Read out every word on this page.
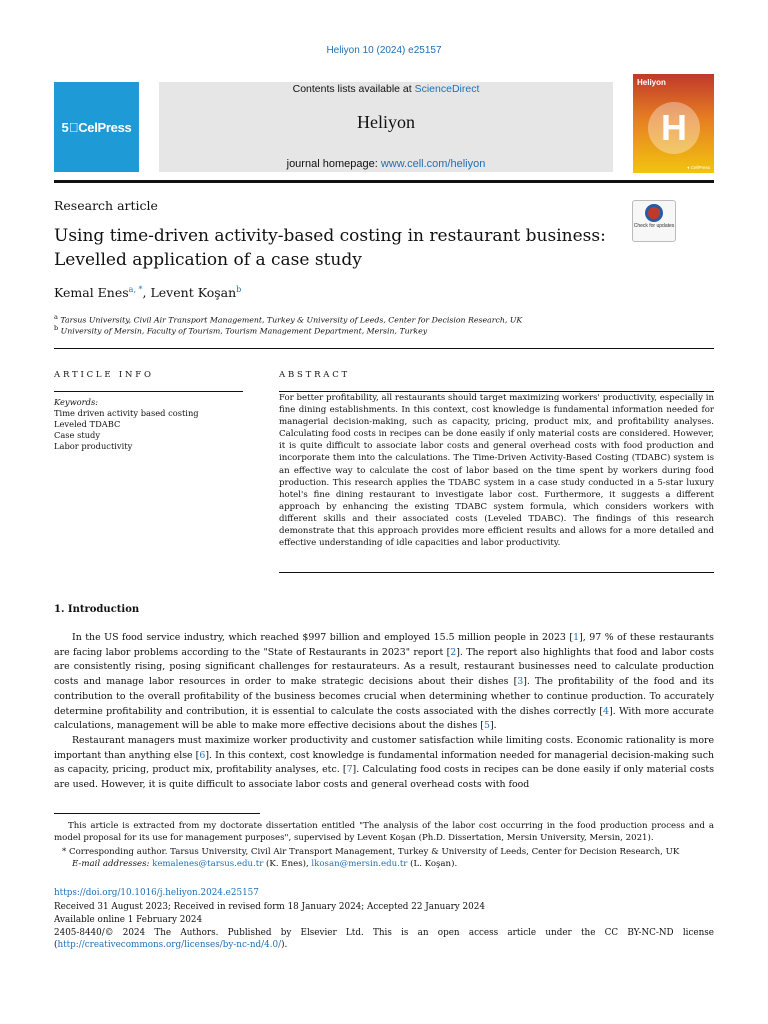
Heliyon 10 (2024) e25157
5⃝CelPress
Contents lists available at ScienceDirect
Heliyon
journal homepage: www.cell.com/heliyon
Heliyon
H
♦ CellPress
Research article
Using time-driven activity-based costing in restaurant business:
Levelled application of a case study
Check for updates
Kemal Enes$^{a, *}$, Levent Koşan$^b$
$^a$ Tarsus University, Civil Air Transport Management, Turkey & University of Leeds, Center for Decision Research, UK
$^b$ University of Mersin, Faculty of Tourism, Tourism Management Department, Mersin, Turkey
ARTICLE INFO	ABSTRACT
Keywords:
Time driven activity based costing
Leveled TDABC
Case study
Labor productivity
For better profitability, all restaurants should target maximizing workers' productivity, especially in fine dining establishments. In this context, cost knowledge is fundamental information needed for managerial decision-making, such as capacity, pricing, product mix, and profitability analyses. Calculating food costs in recipes can be done easily if only material costs are considered. However, it is quite difficult to associate labor costs and general overhead costs with food production and incorporate them into the calculations. The Time-Driven Activity-Based Costing (TDABC) system is an effective way to calculate the cost of labor based on the time spent by workers during food production. This research applies the TDABC system in a case study conducted in a 5-star luxury hotel's fine dining restaurant to investigate labor cost. Furthermore, it suggests a different approach by enhancing the existing TDABC system formula, which considers workers with different skills and their associated costs (Leveled TDABC). The findings of this research demonstrate that this approach provides more efficient results and allows for a more detailed and effective understanding of idle capacities and labor productivity.
1. Introduction
In the US food service industry, which reached $997 billion and employed 15.5 million people in 2023 [1], 97 % of these restaurants are facing labor problems according to the "State of Restaurants in 2023" report [2]. The report also highlights that food and labor costs are consistently rising, posing significant challenges for restaurateurs. As a result, restaurant businesses need to calculate production costs and manage labor resources in order to make strategic decisions about their dishes [3]. The profitability of the food and its contribution to the overall profitability of the business becomes crucial when determining whether to continue production. To accurately determine profitability and contribution, it is essential to calculate the costs associated with the dishes correctly [4]. With more accurate calculations, management will be able to make more effective decisions about the dishes [5].
Restaurant managers must maximize worker productivity and customer satisfaction while limiting costs. Economic rationality is more important than anything else [6]. In this context, cost knowledge is fundamental information needed for managerial decision-making such as capacity, pricing, product mix, profitability analyses, etc. [7]. Calculating food costs in recipes can be done easily if only material costs are used. However, it is quite difficult to associate labor costs and general overhead costs with food
This article is extracted from my doctorate dissertation entitled "The analysis of the labor cost occurring in the food production process and a model proposal for its use for management purposes", supervised by Levent Koşan (Ph.D. Dissertation, Mersin University, Mersin, 2021).
* Corresponding author. Tarsus University, Civil Air Transport Management, Turkey & University of Leeds, Center for Decision Research, UK
E-mail addresses: kemalenes@tarsus.edu.tr (K. Enes), lkosan@mersin.edu.tr (L. Koşan).
https://doi.org/10.1016/j.heliyon.2024.e25157
Received 31 August 2023; Received in revised form 18 January 2024; Accepted 22 January 2024
Available online 1 February 2024
2405-8440/© 2024 The Authors. Published by Elsevier Ltd. This is an open access article under the CC BY-NC-ND license (http://creativecommons.org/licenses/by-nc-nd/4.0/).
